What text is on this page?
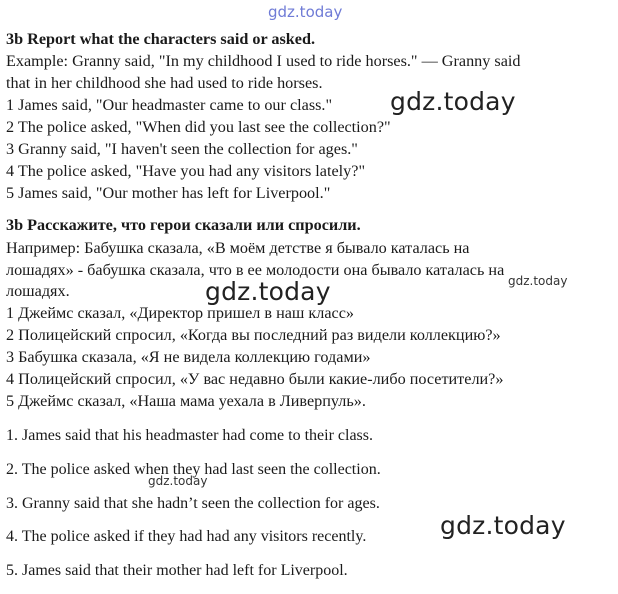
gdz.today
gdz.today
gdz.today	gdz.today
gdz.today
gdz.today
3b Report what the characters said or asked.
Example: Granny said, "In my childhood I used to ride horses." — Granny said
that in her childhood she had used to ride horses.
1 James said, "Our headmaster came to our class."
2 The police asked, "When did you last see the collection?"
3 Granny said, "I haven't seen the collection for ages."
4 The police asked, "Have you had any visitors lately?"
5 James said, "Our mother has left for Liverpool."
3b Расскажите, что герои сказали или спросили.
Например: Бабушка сказала, «В моём детстве я бывало каталась на
лошадях» - бабушка сказала, что в ее молодости она бывало каталась на
лошадях.
1 Джеймс сказал, «Директор пришел в наш класс»
2 Полицейский спросил, «Когда вы последний раз видели коллекцию?»
3 Бабушка сказала, «Я не видела коллекцию годами»
4 Полицейский спросил, «У вас недавно были какие-либо посетители?»
5 Джеймс сказал, «Наша мама уехала в Ливерпуль».
1. James said that his headmaster had come to their class.
2. The police asked when they had last seen the collection.
3. Granny said that she hadn’t seen the collection for ages.
4. The police asked if they had had any visitors recently.
5. James said that their mother had left for Liverpool.
